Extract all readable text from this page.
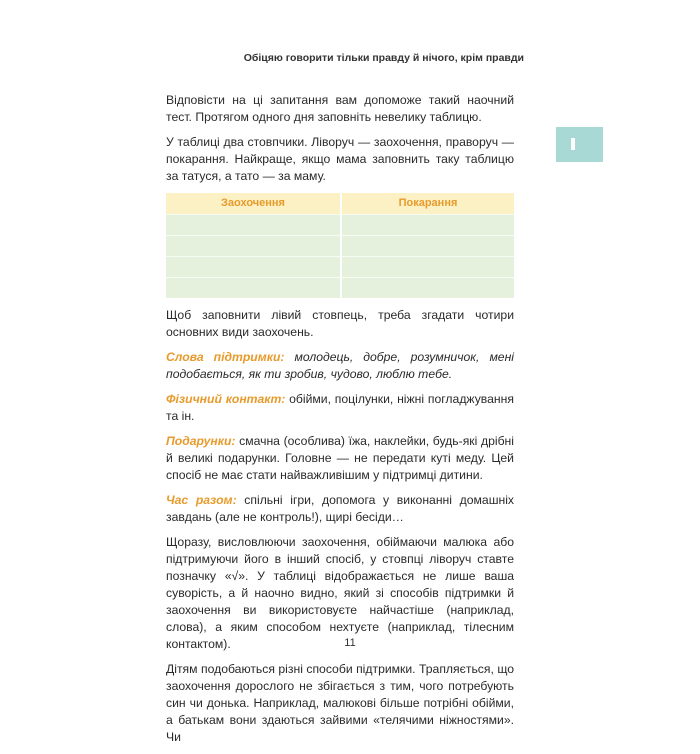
Обіцяю говорити тільки правду й нічого, крім правди

Відповісти на ці запитання вам допоможе такий наочний тест. Протягом одного дня заповніть невелику таблицю.

У таблиці два стовпчики. Ліворуч — заохочення, праворуч — покарання. Найкраще, якщо мама заповнить таку таблицю за татуся, а тато — за маму.

Заохочення	Покарання

Щоб заповнити лівий стовпець, треба згадати чотири основних види заохочень.

Слова підтримки: молодець, добре, розумничок, мені подобається, як ти зробив, чудово, люблю тебе.

Фізичний контакт: обійми, поцілунки, ніжні погладжування та ін.

Подарунки: смачна (особлива) їжа, наклейки, будь-які дрібні й великі подарунки. Головне — не передати куті меду. Цей спосіб не має стати найважливішим у підтримці дитини.

Час разом: спільні ігри, допомога у виконанні домашніх завдань (але не контроль!), щирі бесіди…

Щоразу, висловлюючи заохочення, обіймаючи малюка або підтримуючи його в інший спосіб, у стовпці ліворуч ставте позначку «√». У таблиці відображається не лише ваша суворість, а й наочно видно, який зі способів підтримки й заохочення ви використовуєте найчастіше (наприклад, слова), а яким способом нехтуєте (наприклад, тілесним контактом).

Дітям подобаються різні способи підтримки. Трапляється, що заохочення дорослого не збігається з тим, чого потребують син чи донька. Наприклад, малюкові більше потрібні обійми, а батькам вони здаються зайвими «телячими ніжностями». Чи

11
